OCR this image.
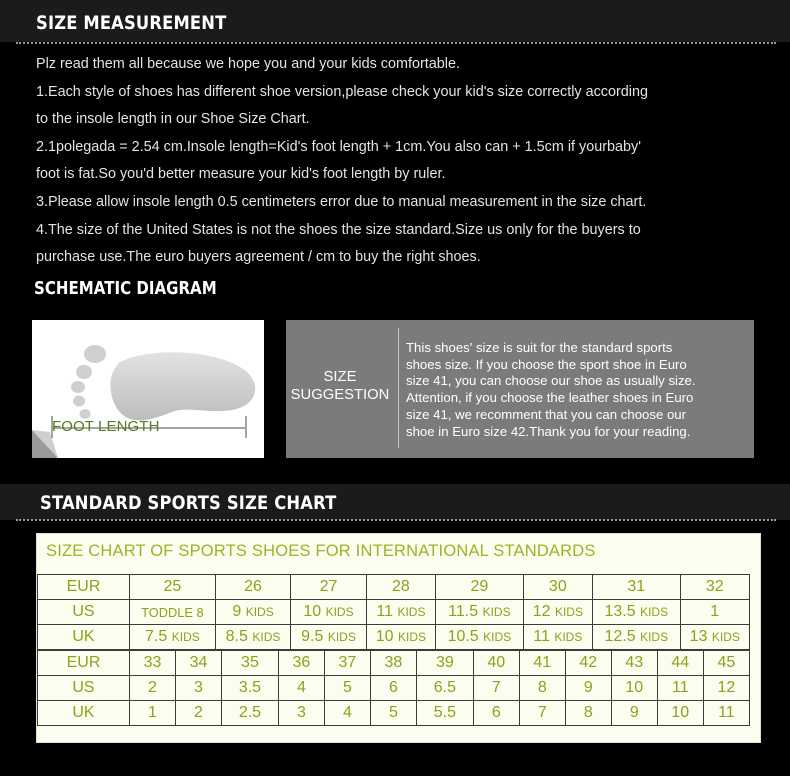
SIZE MEASUREMENT
Plz read them all because we hope you and your kids comfortable.
1.Each style of shoes has different shoe version,please check your kid's size correctly according
to the insole length in our Shoe Size Chart.
2.1polegada = 2.54 cm.Insole length=Kid's foot length + 1cm.You also can + 1.5cm if yourbaby'
foot is fat.So you'd better measure your kid's foot length by ruler.
3.Please allow insole length 0.5 centimeters error due to manual measurement in the size chart.
4.The size of the United States is not the shoes the size standard.Size us only for the buyers to
purchase use.The euro buyers agreement / cm to buy the right shoes.
SCHEMATIC DIAGRAM
FOOT LENGTH
SIZE
SUGGESTION
This shoes' size is suit for the standard sports
shoes size. If you choose the sport shoe in Euro
size 41, you can choose our shoe as usually size.
Attention, if you choose the leather shoes in Euro
size 41, we recomment that you can choose our
shoe in Euro size 42.Thank you for your reading.
STANDARD SPORTS SIZE CHART
SIZE CHART OF SPORTS SHOES FOR INTERNATIONAL STANDARDS
EUR	25	26	27	28	29	30	31	32
US	TODDLE 8	9 KIDS	10 KIDS	11 KIDS	11.5 KIDS	12 KIDS	13.5 KIDS	1
UK	7.5 KIDS	8.5 KIDS	9.5 KIDS	10 KIDS	10.5 KIDS	11 KIDS	12.5 KIDS	13 KIDS
EUR	33	34	35	36	37	38	39	40	41	42	43	44	45
US	2	3	3.5	4	5	6	6.5	7	8	9	10	11	12
UK	1	2	2.5	3	4	5	5.5	6	7	8	9	10	11
